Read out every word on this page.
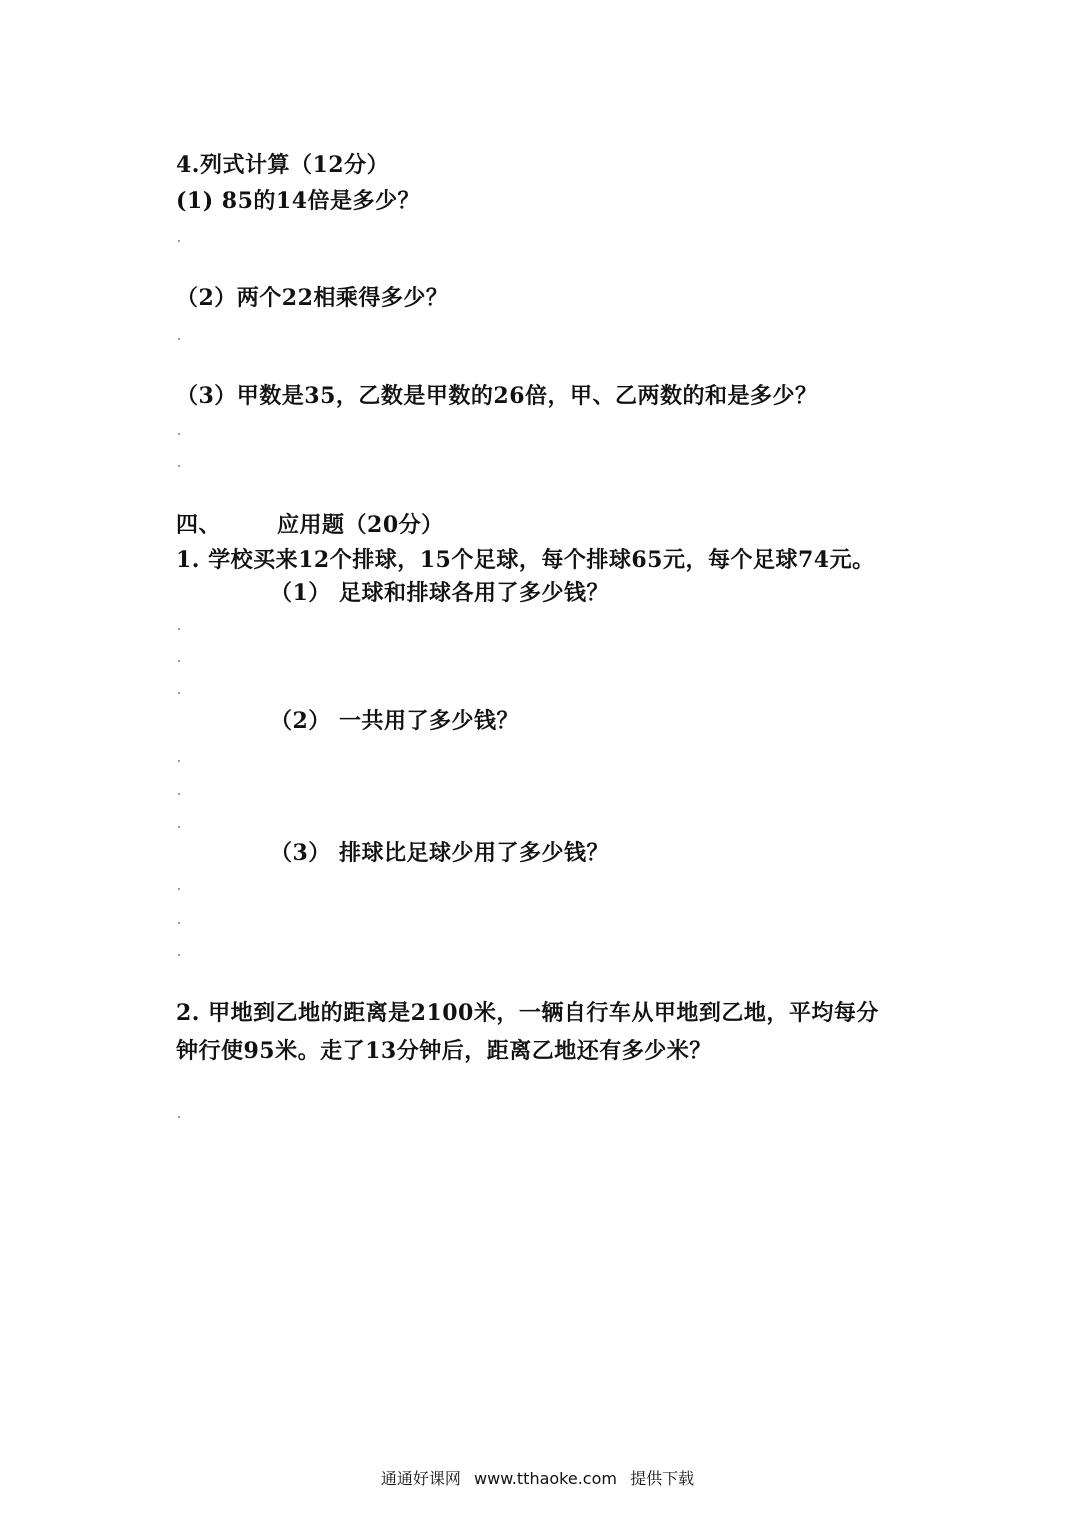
4.列式计算（12分）
(1) 85的14倍是多少？
（2）两个22相乘得多少？
（3）甲数是35，乙数是甲数的26倍，甲、乙两数的和是多少？
四、	应用题（20分）
1. 学校买来12个排球，15个足球，每个排球65元，每个足球74元。
（1） 足球和排球各用了多少钱？
（2） 一共用了多少钱？
（3） 排球比足球少用了多少钱？
2. 甲地到乙地的距离是2100米，一辆自行车从甲地到乙地，平均每分
钟行使95米。走了13分钟后，距离乙地还有多少米？
通通好课网 www.tthaoke.com 提供下载
